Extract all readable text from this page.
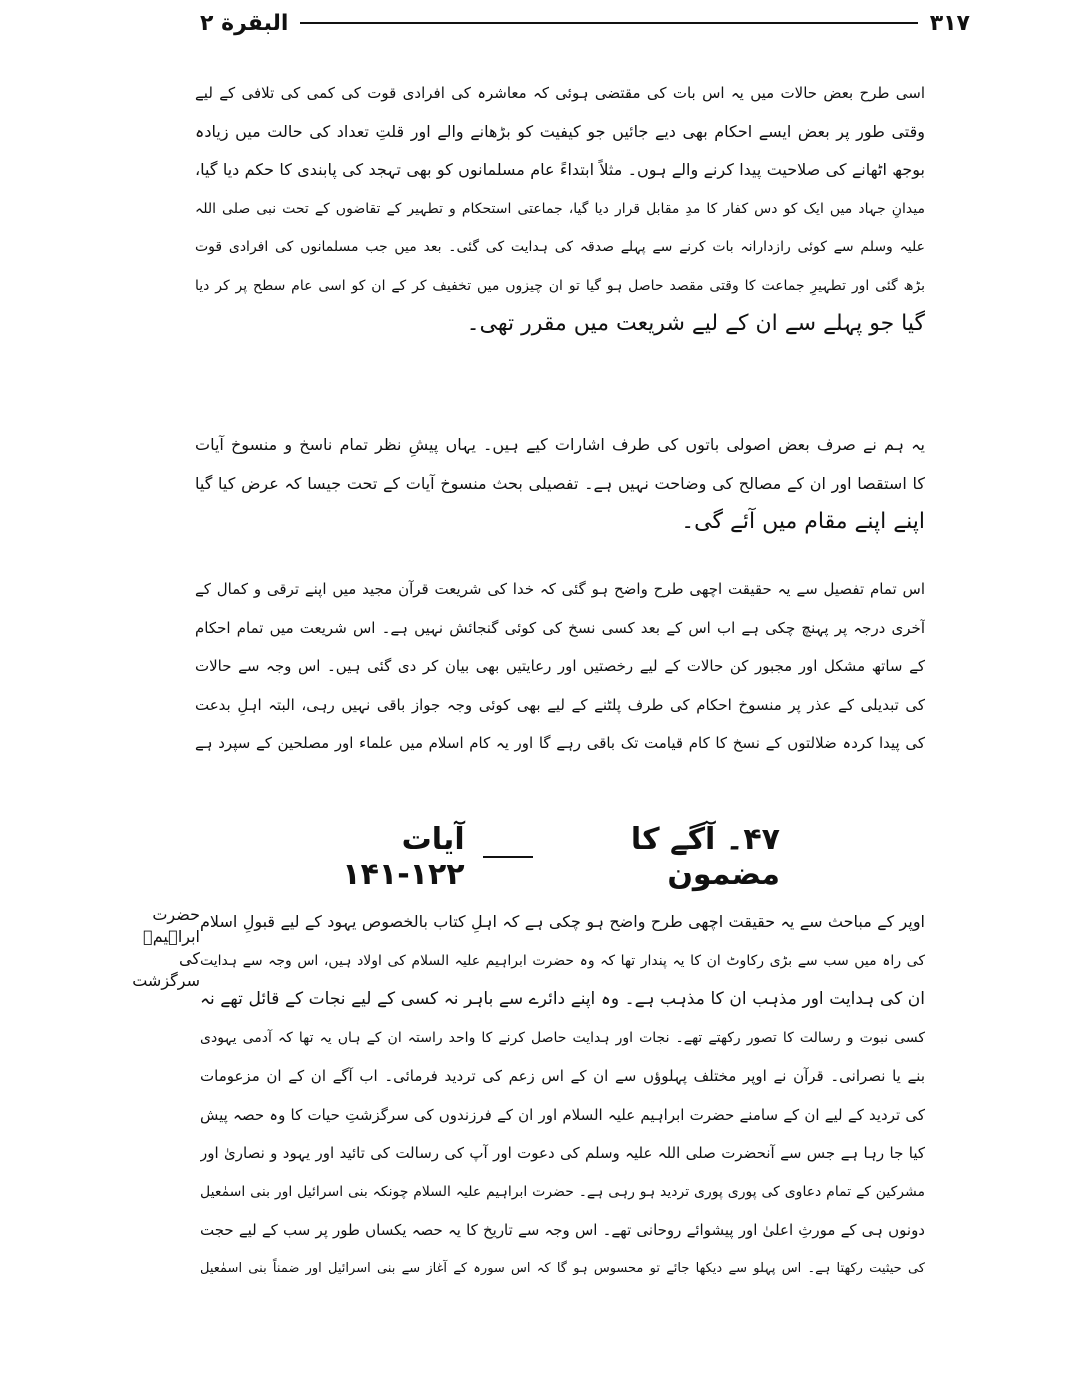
۳۱۷
البقرة ۲
اسی طرح بعض حالات میں یہ اس بات کی مقتضی ہوئی کہ معاشرہ کی افرادی قوت کی کمی کی تلافی کے لیے
وقتی طور پر بعض ایسے احکام بھی دیے جائیں جو کیفیت کو بڑھانے والے اور قلتِ تعداد کی حالت میں زیادہ
بوجھ اٹھانے کی صلاحیت پیدا کرنے والے ہوں۔ مثلاً ابتداءً عام مسلمانوں کو بھی تہجد کی پابندی کا حکم دیا گیا،
میدانِ جہاد میں ایک کو دس کفار کا مدِ مقابل قرار دیا گیا، جماعتی استحکام و تطہیر کے تقاضوں کے تحت نبی صلی اللہ
علیہ وسلم سے کوئی رازدارانہ بات کرنے سے پہلے صدقہ کی ہدایت کی گئی۔ بعد میں جب مسلمانوں کی افرادی قوت
بڑھ گئی اور تطہیرِ جماعت کا وقتی مقصد حاصل ہو گیا تو ان چیزوں میں تخفیف کر کے ان کو اسی عام سطح پر کر دیا
گیا جو پہلے سے ان کے لیے شریعت میں مقرر تھی۔
یہ ہم نے صرف بعض اصولی باتوں کی طرف اشارات کیے ہیں۔ یہاں پیشِ نظر تمام ناسخ و منسوخ آیات
کا استقصا اور ان کے مصالح کی وضاحت نہیں ہے۔ تفصیلی بحث منسوخ آیات کے تحت جیسا کہ عرض کیا گیا
اپنے اپنے مقام میں آئے گی۔
اس تمام تفصیل سے یہ حقیقت اچھی طرح واضح ہو گئی کہ خدا کی شریعت قرآن مجید میں اپنے ترقی و کمال کے
آخری درجہ پر پہنچ چکی ہے اب اس کے بعد کسی نسخ کی کوئی گنجائش نہیں ہے۔ اس شریعت میں تمام احکام
کے ساتھ مشکل اور مجبور کن حالات کے لیے رخصتیں اور رعایتیں بھی بیان کر دی گئی ہیں۔ اس وجہ سے حالات
کی تبدیلی کے عذر پر منسوخ احکام کی طرف پلٹنے کے لیے بھی کوئی وجہ جواز باقی نہیں رہی، البتہ اہلِ بدعت
کی پیدا کردہ ضلالتوں کے نسخ کا کام قیامت تک باقی رہے گا اور یہ کام اسلام میں علماء اور مصلحین کے سپرد ہے
۴۷۔ آگے کا مضمون
آیات ۱۲۲-۱۴۱
حضرت ابراہیمؑ
کی سرگزشت
اوپر کے مباحث سے یہ حقیقت اچھی طرح واضح ہو چکی ہے کہ اہلِ کتاب بالخصوص یہود کے لیے قبولِ اسلام
کی راہ میں سب سے بڑی رکاوٹ ان کا یہ پندار تھا کہ وہ حضرت ابراہیم علیہ السلام کی اولاد ہیں، اس وجہ سے ہدایت
ان کی ہدایت اور مذہب ان کا مذہب ہے۔ وہ اپنے دائرے سے باہر نہ کسی کے لیے نجات کے قائل تھے نہ
کسی نبوت و رسالت کا تصور رکھتے تھے۔ نجات اور ہدایت حاصل کرنے کا واحد راستہ ان کے ہاں یہ تھا کہ آدمی یہودی
بنے یا نصرانی۔ قرآن نے اوپر مختلف پہلوؤں سے ان کے اس زعم کی تردید فرمائی۔ اب آگے ان کے ان مزعومات
کی تردید کے لیے ان کے سامنے حضرت ابراہیم علیہ السلام اور ان کے فرزندوں کی سرگزشتِ حیات کا وہ حصہ پیش
کیا جا رہا ہے جس سے آنحضرت صلی اللہ علیہ وسلم کی دعوت اور آپ کی رسالت کی تائید اور یہود و نصاریٰ اور
مشرکین کے تمام دعاوی کی پوری پوری تردید ہو رہی ہے۔ حضرت ابراہیم علیہ السلام چونکہ بنی اسرائیل اور بنی اسمٰعیل
دونوں ہی کے مورثِ اعلیٰ اور پیشوائے روحانی تھے۔ اس وجہ سے تاریخ کا یہ حصہ یکساں طور پر سب کے لیے حجت
کی حیثیت رکھتا ہے۔ اس پہلو سے دیکھا جائے تو محسوس ہو گا کہ اس سورہ کے آغاز سے بنی اسرائیل اور ضمناً بنی اسمٰعیل
